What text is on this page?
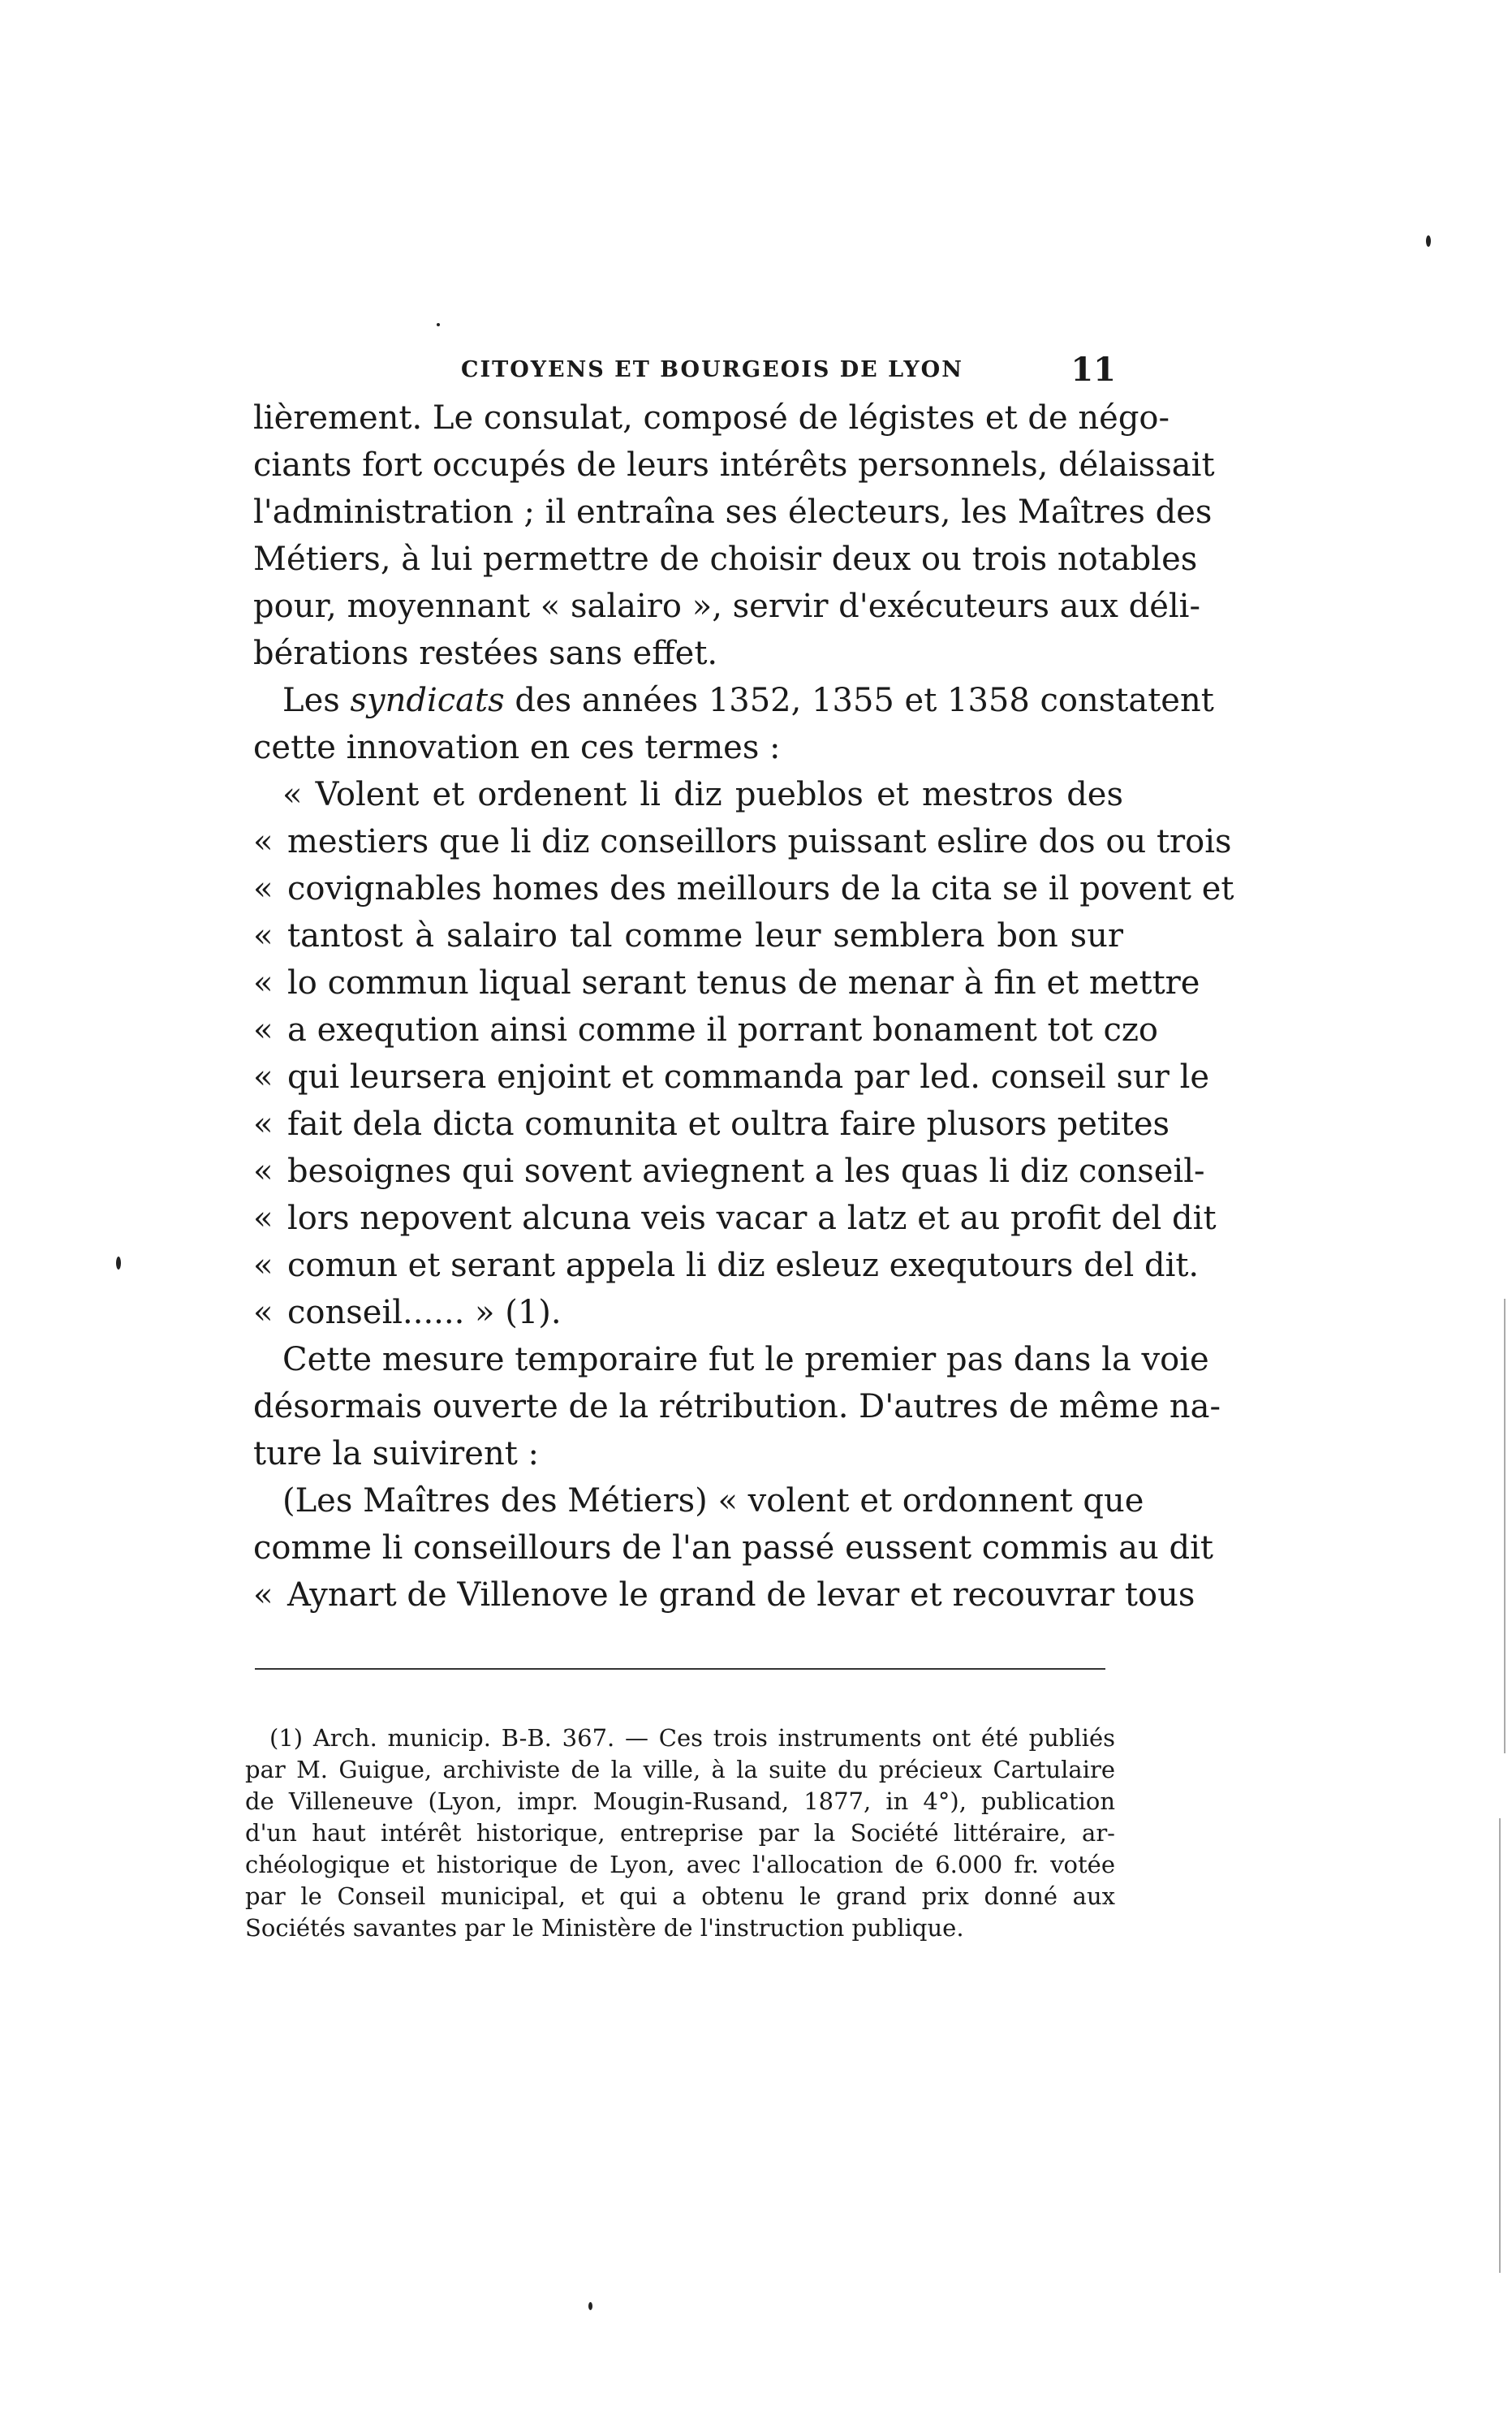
CITOYENS ET BOURGEOIS DE LYON	11
lièrement. Le consulat, composé de légistes et de négo-
ciants fort occupés de leurs intérêts personnels, délaissait
l'administration ; il entraîna ses électeurs, les Maîtres des
Métiers, à lui permettre de choisir deux ou trois notables
pour, moyennant « salairo », servir d'exécuteurs aux déli-
bérations restées sans effet.
Les syndicats des années 1352, 1355 et 1358 constatent
cette innovation en ces termes :
« Volent et ordenent li diz pueblos et mestros des
« mestiers que li diz conseillors puissant eslire dos ou trois
« covignables homes des meillours de la cita se il povent et
« tantost à salairo tal comme leur semblera bon sur
« lo commun liqual serant tenus de menar à fin et mettre
« a exeqution ainsi comme il porrant bonament tot czo
« qui leursera enjoint et commanda par led. conseil sur le
« fait dela dicta comunita et oultra faire plusors petites
« besoignes qui sovent aviegnent a les quas li diz conseil-
« lors nepovent alcuna veis vacar a latz et au profit del dit
« comun et serant appela li diz esleuz exequtours del dit.
« conseil...... » (1).
Cette mesure temporaire fut le premier pas dans la voie
désormais ouverte de la rétribution. D'autres de même na-
ture la suivirent :
(Les Maîtres des Métiers) « volent et ordonnent que
comme li conseillours de l'an passé eussent commis au dit
« Aynart de Villenove le grand de levar et recouvrar tous
(1) Arch. municip. B-B. 367. — Ces trois instruments ont été publiés
par M. Guigue, archiviste de la ville, à la suite du précieux Cartulaire
de Villeneuve (Lyon, impr. Mougin-Rusand, 1877, in 4°), publication
d'un haut intérêt historique, entreprise par la Société littéraire, ar-
chéologique et historique de Lyon, avec l'allocation de 6.000 fr. votée
par le Conseil municipal, et qui a obtenu le grand prix donné aux
Sociétés savantes par le Ministère de l'instruction publique.
